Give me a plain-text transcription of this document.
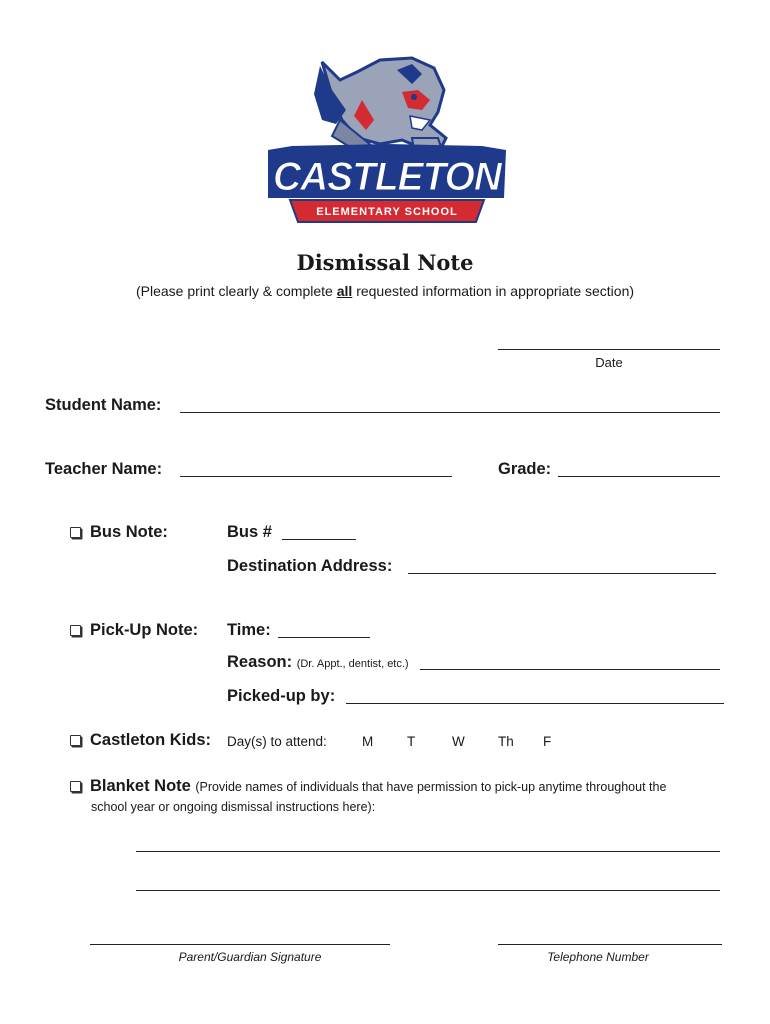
CASTLETON
ELEMENTARY SCHOOL
Dismissal Note
(Please print clearly & complete all requested information in appropriate section)
Date
Student Name:
Teacher Name:	Grade:
Bus Note:	Bus #
Destination Address:
Pick-Up Note: Time:
Reason: (Dr. Appt., dentist, etc.)
Picked-up by:
Castleton Kids: Day(s) to attend:	M	T	W Th F
Blanket Note (Provide names of individuals that have permission to pick-up anytime throughout the
school year or ongoing dismissal instructions here):
Parent/Guardian Signature	Telephone Number
